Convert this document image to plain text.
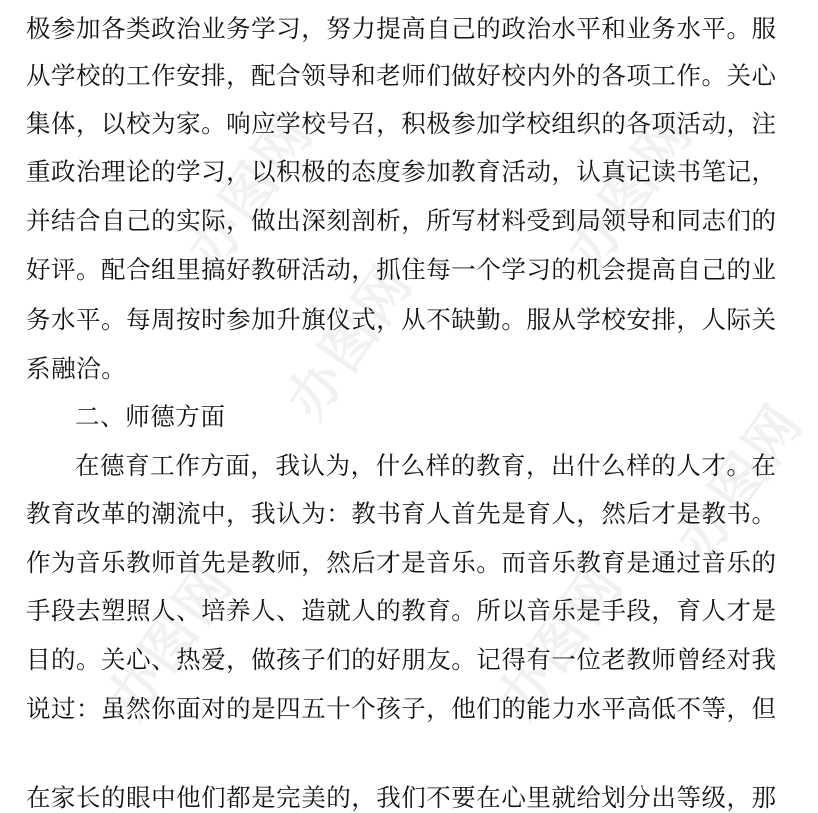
办图网	办图网
办图网
办图网	办图网
办图网
极参加各类政治业务学习，努力提高自己的政治水平和业务水平。服
从学校的工作安排，配合领导和老师们做好校内外的各项工作。关心
集体，以校为家。响应学校号召，积极参加学校组织的各项活动，注
重政治理论的学习，以积极的态度参加教育活动，认真记读书笔记，
并结合自己的实际，做出深刻剖析，所写材料受到局领导和同志们的
好评。配合组里搞好教研活动，抓住每一个学习的机会提高自己的业
务水平。每周按时参加升旗仪式，从不缺勤。服从学校安排，人际关
系融洽。
二、师德方面
在德育工作方面，我认为，什么样的教育，出什么样的人才。在
教育改革的潮流中，我认为：教书育人首先是育人，然后才是教书。
作为音乐教师首先是教师，然后才是音乐。而音乐教育是通过音乐的
手段去塑照人、培养人、造就人的教育。所以音乐是手段，育人才是
目的。关心、热爱，做孩子们的好朋友。记得有一位老教师曾经对我
说过：虽然你面对的是四五十个孩子，他们的能力水平高低不等，但
在家长的眼中他们都是完美的，我们不要在心里就给划分出等级，那
